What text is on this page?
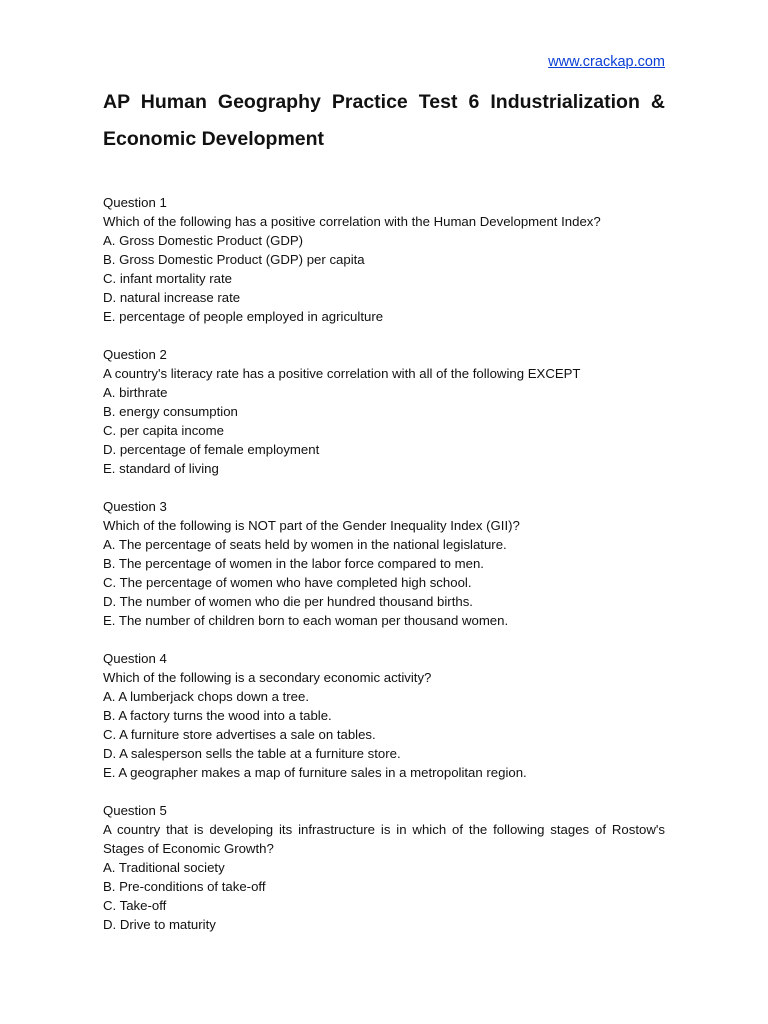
www.crackap.com
AP Human Geography Practice Test 6 Industrialization & Economic Development
Question 1
Which of the following has a positive correlation with the Human Development Index?
A. Gross Domestic Product (GDP)
B. Gross Domestic Product (GDP) per capita
C. infant mortality rate
D. natural increase rate
E. percentage of people employed in agriculture
Question 2
A country's literacy rate has a positive correlation with all of the following EXCEPT
A. birthrate
B. energy consumption
C. per capita income
D. percentage of female employment
E. standard of living
Question 3
Which of the following is NOT part of the Gender Inequality Index (GII)?
A. The percentage of seats held by women in the national legislature.
B. The percentage of women in the labor force compared to men.
C. The percentage of women who have completed high school.
D. The number of women who die per hundred thousand births.
E. The number of children born to each woman per thousand women.
Question 4
Which of the following is a secondary economic activity?
A. A lumberjack chops down a tree.
B. A factory turns the wood into a table.
C. A furniture store advertises a sale on tables.
D. A salesperson sells the table at a furniture store.
E. A geographer makes a map of furniture sales in a metropolitan region.
Question 5
A country that is developing its infrastructure is in which of the following stages of Rostow's Stages of Economic Growth?
A. Traditional society
B. Pre-conditions of take-off
C. Take-off
D. Drive to maturity
